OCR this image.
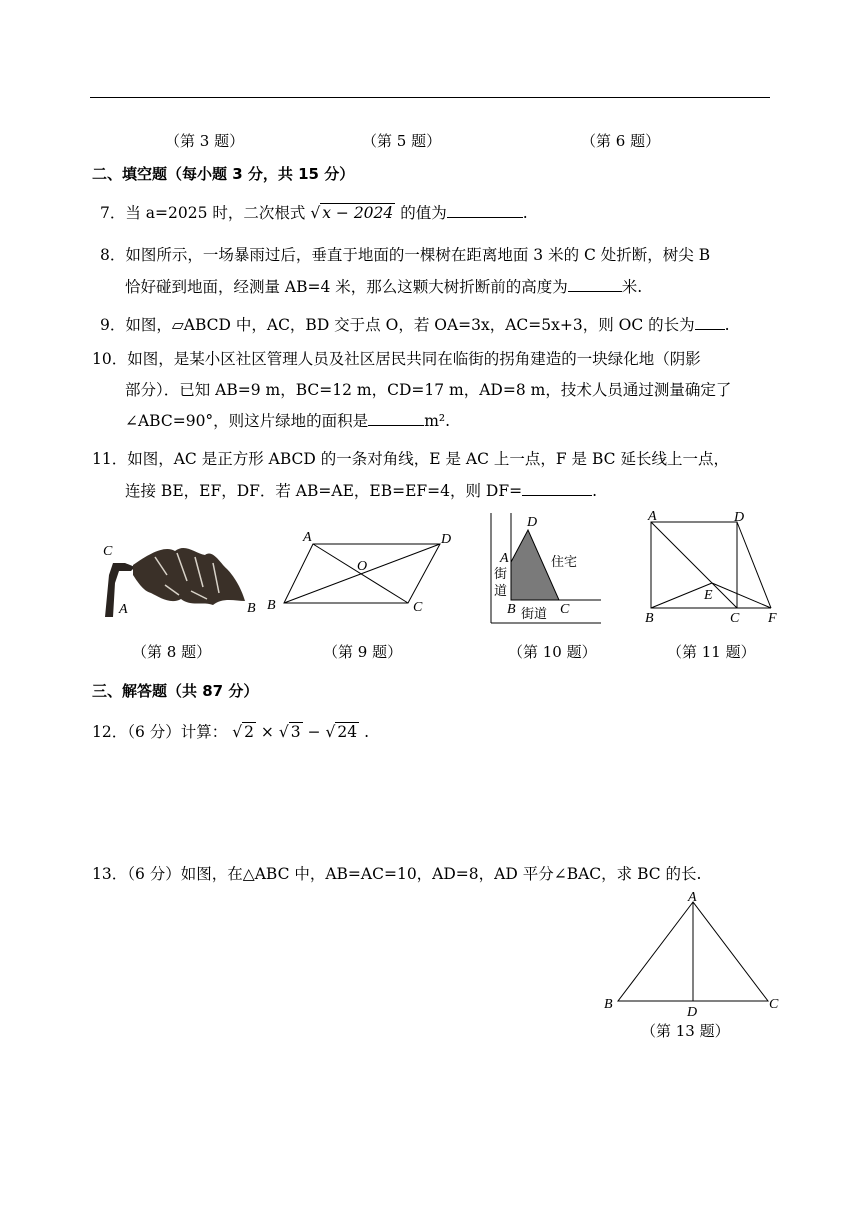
（第 3 题）	（第 5 题）	（第 6 题）
二、填空题（每小题 3 分，共 15 分）
7．当 a=2025 时，二次根式 √ x − 2024 的值为	.
8．如图所示，一场暴雨过后，垂直于地面的一棵树在距离地面 3 米的 C 处折断，树尖 B
恰好碰到地面，经测量 AB=4 米，那么这颗大树折断前的高度为	米.
9．如图，▱ABCD 中，AC，BD 交于点 O，若 OA=3x，AC=5x+3，则 OC 的长为 .
10．如图，是某小区社区管理人员及社区居民共同在临街的拐角建造的一块绿化地（阴影
部分）．已知 AB=9 m，BC=12 m，CD=17 m，AD=8 m，技术人员通过测量确定了
∠ABC=90°，则这片绿地的面积是	m².
11．如图，AC 是正方形 ABCD 的一条对角线，E 是 AC 上一点，F 是 BC 延长线上一点，
连接 BE，EF，DF．若 AB=AE，EB=EF=4，则 DF=	.
C
A	B
A	D
O
B	C
D
A	住宅
街
道
B 街道 C
A	D
E
B	C F
（第 8 题）	（第 9 题）	（第 10 题）	（第 11 题）
三、解答题（共 87 分）
12．（6 分）计算： √ 2 × √ 3 − √ 24 .
13．（6 分）如图，在△ABC 中，AB=AC=10，AD=8，AD 平分∠BAC，求 BC 的长.
A
B
D
C
（第 13 题）
